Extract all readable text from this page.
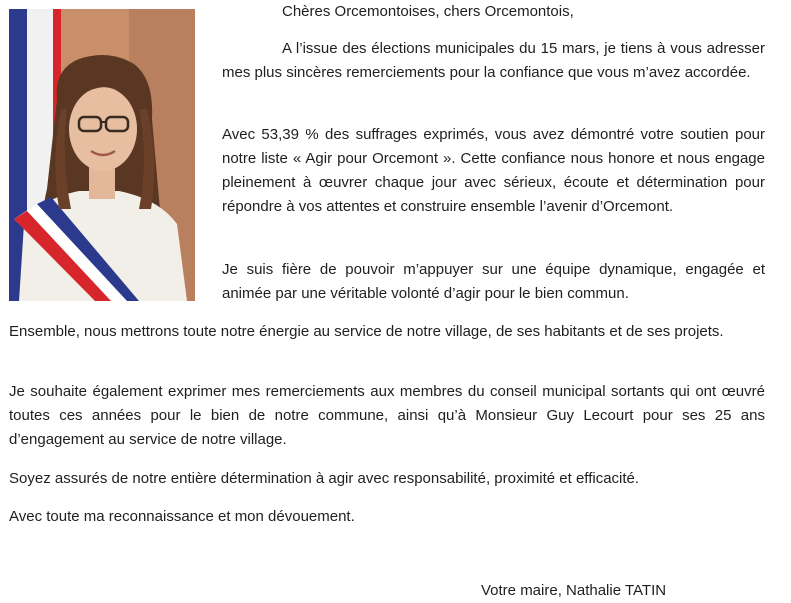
Chères Orcemontoises, chers Orcemontois,

A l’issue des élections municipales du 15 mars, je tiens à vous adresser mes plus sincères remerciements pour la confiance que vous m’avez accordée.

Avec 53,39 % des suffrages exprimés, vous avez démontré votre soutien pour notre liste « Agir pour Orcemont ». Cette confiance nous honore et nous engage pleinement à œuvrer chaque jour avec sérieux, écoute et détermination pour répondre à vos attentes et construire ensemble l’avenir d’Orcemont.

Je suis fière de pouvoir m’appuyer sur une équipe dynamique, engagée et animée par une véritable volonté d’agir pour le bien commun.

Ensemble, nous mettrons toute notre énergie au service de notre village, de ses habitants et de ses projets.

Je souhaite également exprimer mes remerciements aux membres du conseil municipal sortants qui ont œuvré toutes ces années pour le bien de notre commune, ainsi qu’à Monsieur Guy Lecourt pour ses 25 ans d’engagement au service de notre village.

Soyez assurés de notre entière détermination à agir avec responsabilité, proximité et efficacité.

Avec toute ma reconnaissance et mon dévouement.

Votre maire, Nathalie TATIN
